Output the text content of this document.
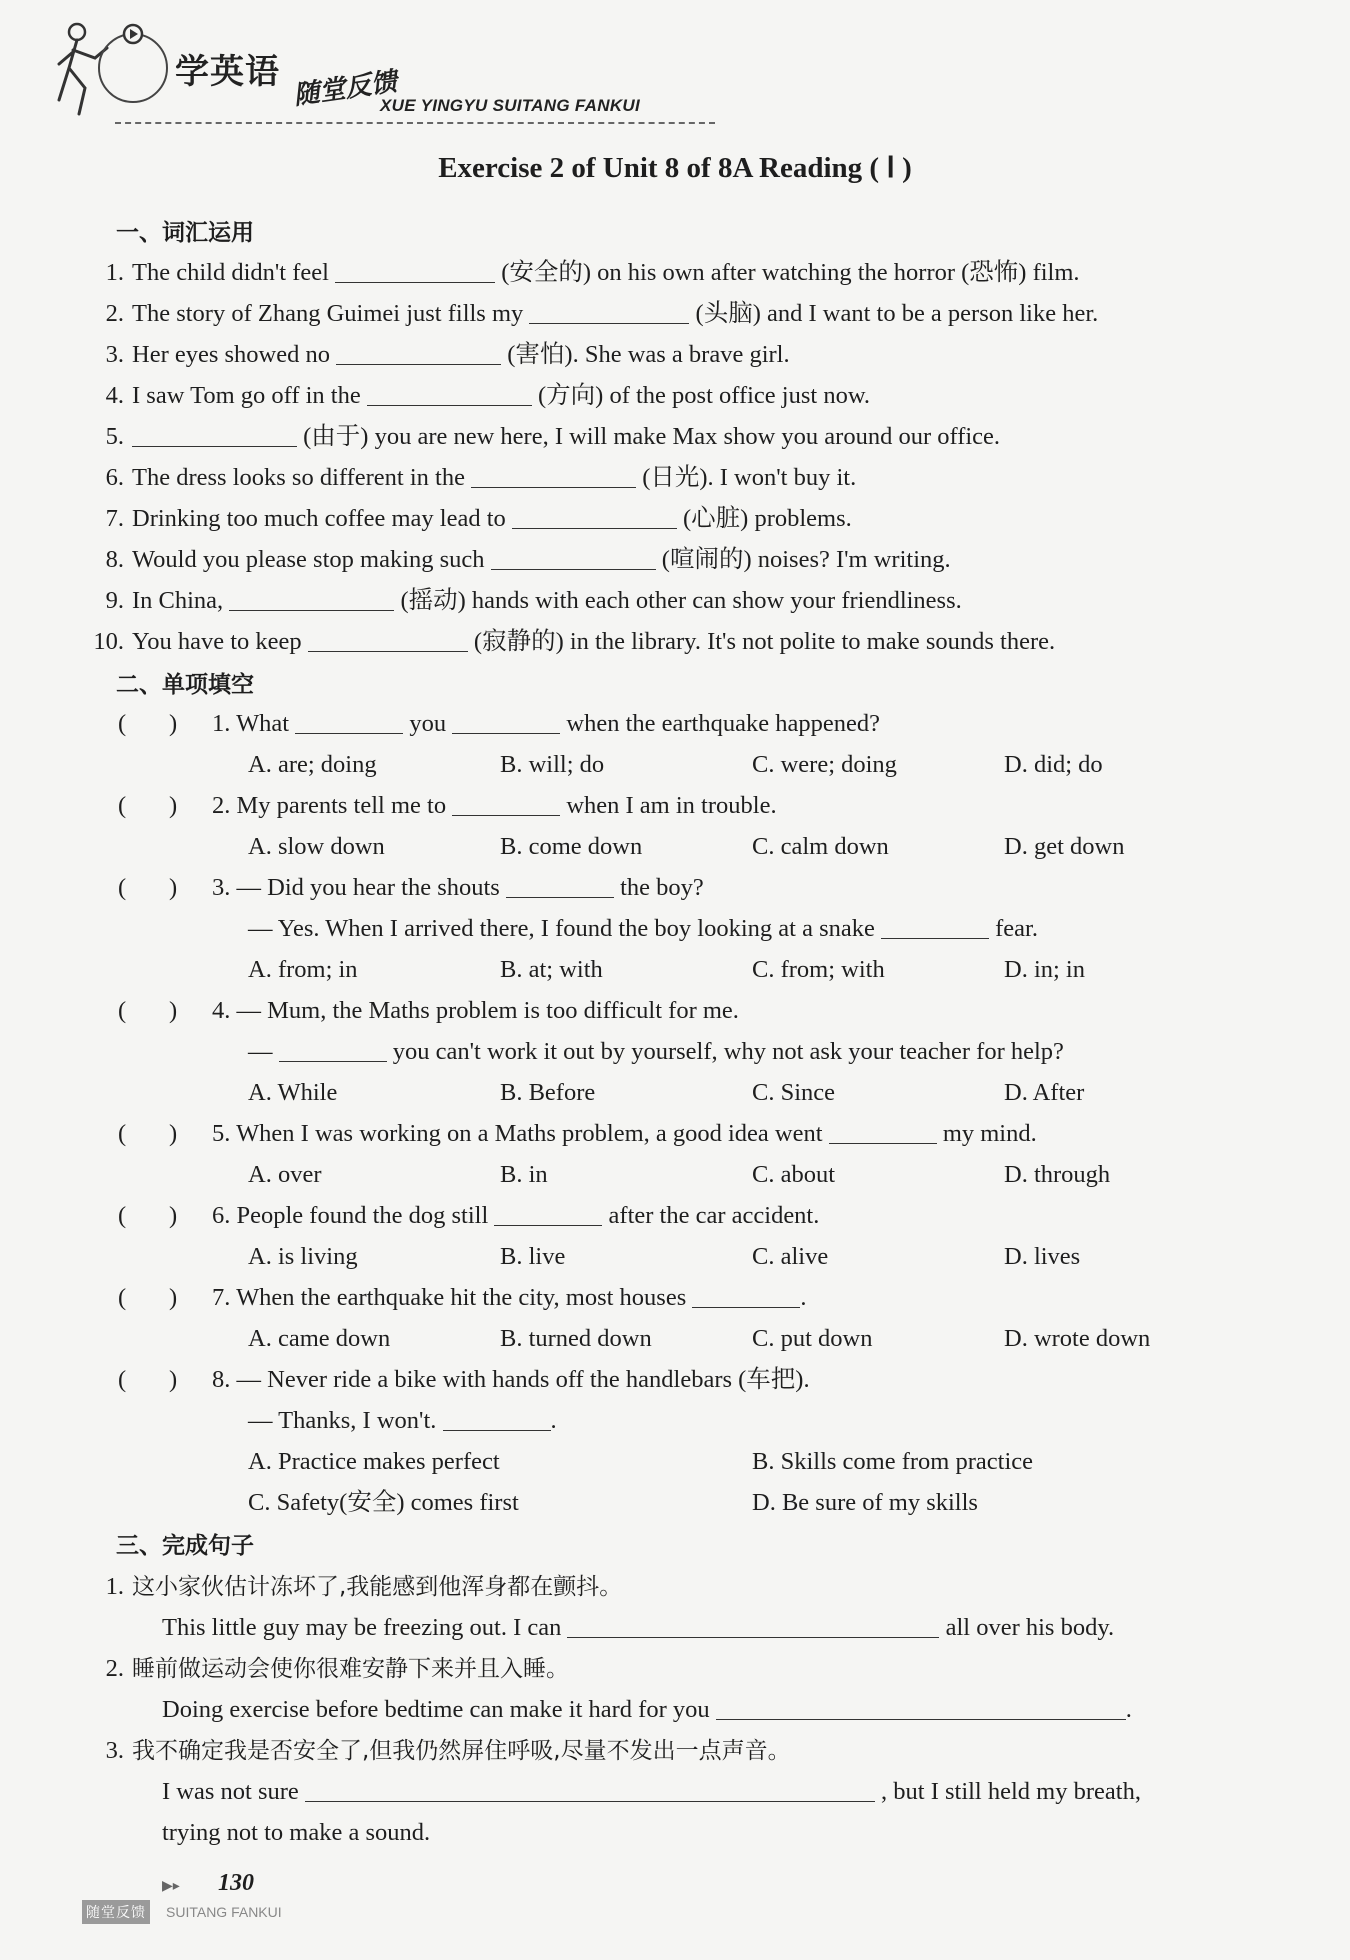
学英语 随堂反馈
XUE YINGYU SUITANG FANKUI
Exercise 2 of Unit 8 of 8A Reading ( Ⅰ )
一、词汇运用
1. The child didn't feel	(安全的) on his own after watching the horror (恐怖) film.
2. The story of Zhang Guimei just fills my	(头脑) and I want to be a person like her.
3. Her eyes showed no	(害怕). She was a brave girl.
4. I saw Tom go off in the	(方向) of the post office just now.
5.	(由于) you are new here, I will make Max show you around our office.
6. The dress looks so different in the	(日光). I won't buy it.
7. Drinking too much coffee may lead to	(心脏) problems.
8. Would you please stop making such	(喧闹的) noises? I'm writing.
9. In China,	(摇动) hands with each other can show your friendliness.
10. You have to keep	(寂静的) in the library. It's not polite to make sounds there.
二、单项填空
(       ) 1. What	you	when the earthquake happened?
A. are; doing	B. will; do	C. were; doing	D. did; do
(       ) 2. My parents tell me to	when I am in trouble.
A. slow down	B. come down	C. calm down	D. get down
(       ) 3. — Did you hear the shouts	the boy?
— Yes. When I arrived there, I found the boy looking at a snake	fear.
A. from; in	B. at; with	C. from; with	D. in; in
(       ) 4. — Mum, the Maths problem is too difficult for me.
—	you can't work it out by yourself, why not ask your teacher for help?
A. While	B. Before	C. Since	D. After
(       ) 5. When I was working on a Maths problem, a good idea went	my mind.
A. over	B. in	C. about	D. through
(       ) 6. People found the dog still	after the car accident.
A. is living	B. live	C. alive	D. lives
(       ) 7. When the earthquake hit the city, most houses	.
A. came down	B. turned down	C. put down	D. wrote down
(       ) 8. — Never ride a bike with hands off the handlebars (车把).
— Thanks, I won't.	.
A. Practice makes perfect	B. Skills come from practice
C. Safety(安全) comes first	D. Be sure of my skills
三、完成句子
1. 这小家伙估计冻坏了,我能感到他浑身都在颤抖。
This little guy may be freezing out. I can	all over his body.
2. 睡前做运动会使你很难安静下来并且入睡。
Doing exercise before bedtime can make it hard for you	.
3. 我不确定我是否安全了,但我仍然屏住呼吸,尽量不发出一点声音。
I was not sure	, but I still held my breath,
trying not to make a sound.
▶▸ 130
随堂反馈 SUITANG FANKUI
